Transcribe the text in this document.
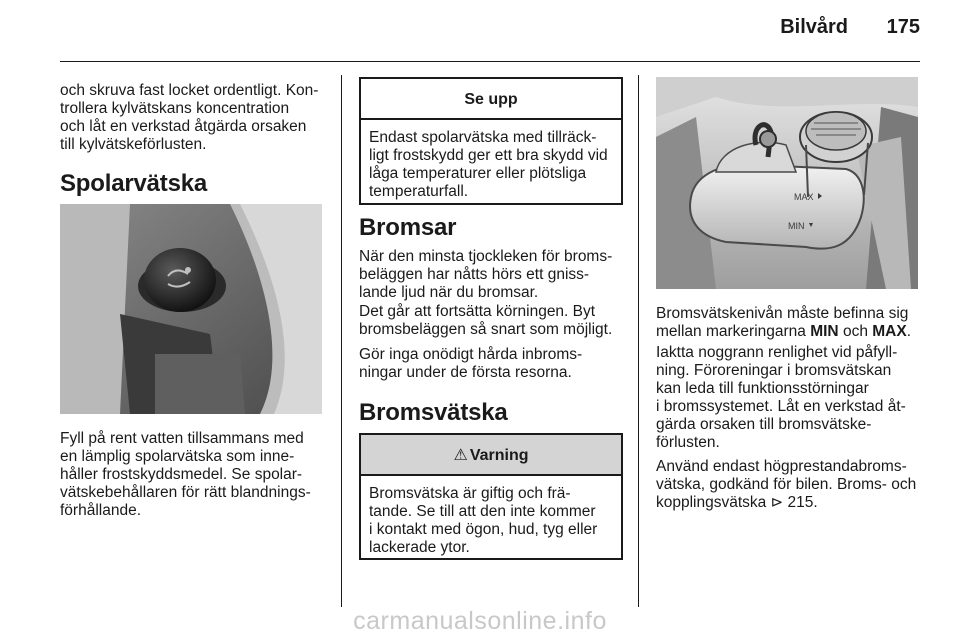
Bilvård 175
och skruva fast locket ordentligt. Kon-
trollera kylvätskans koncentration
och låt en verkstad åtgärda orsaken
till kylvätskeförlusten.
Spolarvätska
Fyll på rent vatten tillsammans med
en lämplig spolarvätska som inne-
håller frostskyddsmedel. Se spolar-
vätskebehållaren för rätt blandnings-
förhållande.
Se upp
Endast spolarvätska med tillräck-
ligt frostskydd ger ett bra skydd vid
låga temperaturer eller plötsliga
temperaturfall.
Bromsar
När den minsta tjockleken för broms-
beläggen har nåtts hörs ett gniss-
lande ljud när du bromsar.
Det går att fortsätta körningen. Byt
bromsbeläggen så snart som möjligt.
Gör inga onödigt hårda inbroms-
ningar under de första resorna.
Bromsvätska
⚠ Varning
Bromsvätska är giftig och frä-
tande. Se till att den inte kommer
i kontakt med ögon, hud, tyg eller
lackerade ytor.
MAX
MIN
Bromsvätskenivån måste befinna sig
mellan markeringarna MIN och MAX.
Iaktta noggrann renlighet vid påfyll-
ning. Föroreningar i bromsvätskan
kan leda till funktionsstörningar
i bromssystemet. Låt en verkstad åt-
gärda orsaken till bromsvätske-
förlusten.
Använd endast högprestandabroms-
vätska, godkänd för bilen. Broms- och
kopplingsvätska ⊳ 215.
carmanualsonline.info
